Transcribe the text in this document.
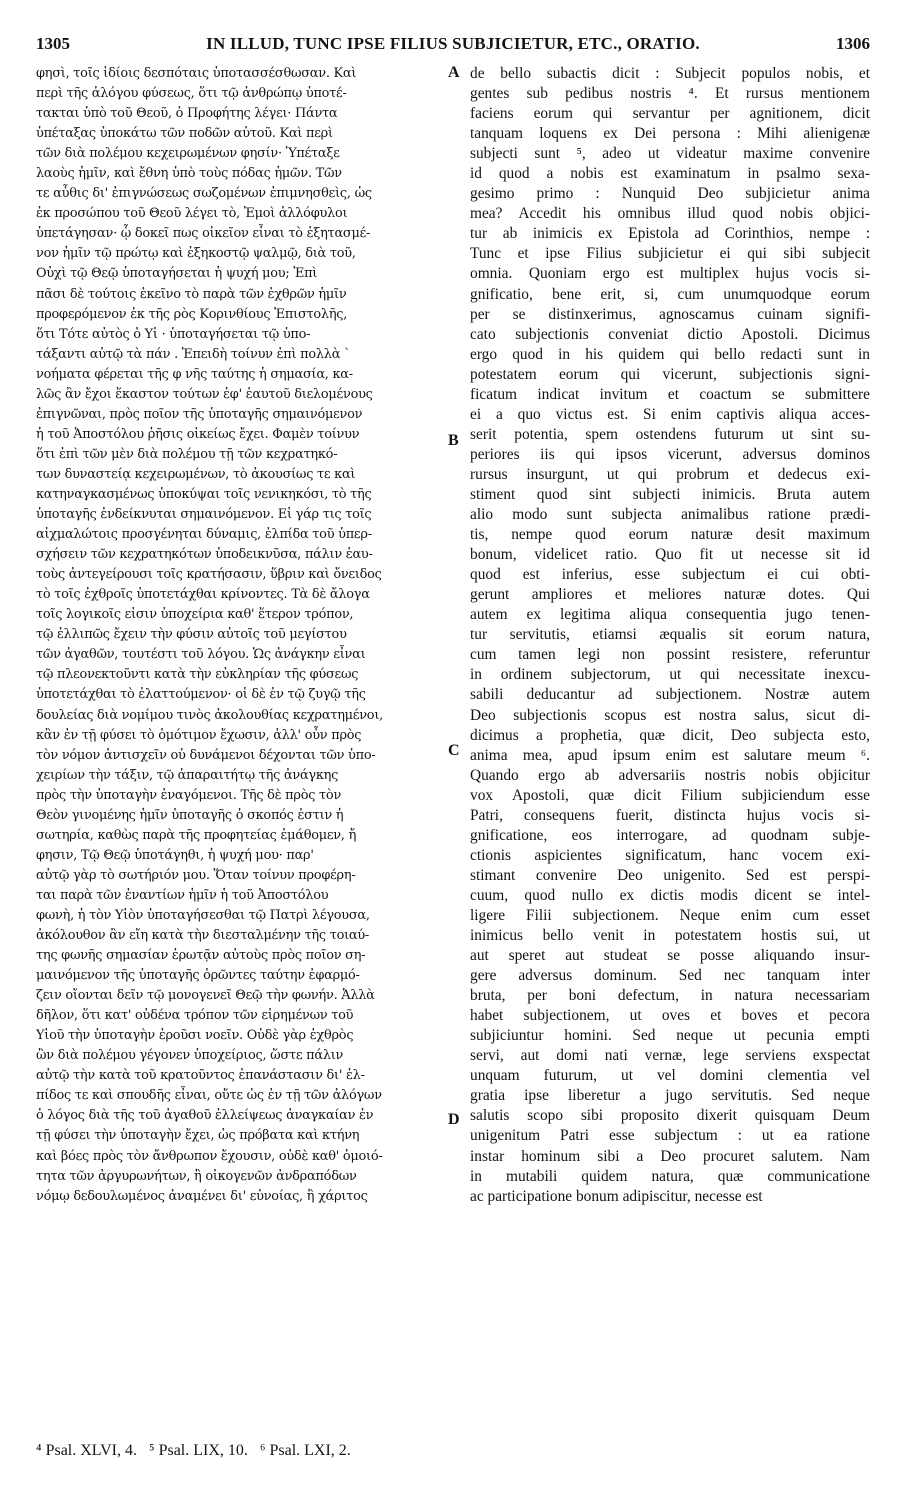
1305	IN ILLUD, TUNC IPSE FILIUS SUBJICIETUR, ETC., ORATIO.	1306
φησὶ, τοῖς ἰδίοις δεσπόταις ὑποτασσέσθωσαν. Καὶ
περὶ τῆς ἀλόγου φύσεως, ὅτι τῷ ἀνθρώπῳ ὑποτέ-
τακται ὑπὸ τοῦ Θεοῦ, ὁ Προφήτης λέγει· Πάντα
ὑπέταξας ὑποκάτω τῶν ποδῶν αὐτοῦ. Καὶ περὶ
τῶν διὰ πολέμου κεχειρωμένων φησίν· Ὑπέταξε
λαοὺς ἡμῖν, καὶ ἔθνη ὑπὸ τοὺς πόδας ἡμῶν. Τῶν
τε αὖθις δι' ἐπιγνώσεως σωζομένων ἐπιμνησθεὶς, ὡς
ἐκ προσώπου τοῦ Θεοῦ λέγει τὸ, Ἐμοὶ ἀλλόφυλοι
ὑπετάγησαν· ᾧ δοκεῖ πως οἰκεῖον εἶναι τὸ ἐξητασμέ-
νον ἡμῖν τῷ πρώτῳ καὶ ἑξηκοστῷ ψαλμῷ, διὰ τοῦ,
Οὐχὶ τῷ Θεῷ ὑποταγήσεται ἡ ψυχή μου; Ἐπὶ
πᾶσι δὲ τούτοις ἐκεῖνο τὸ παρὰ τῶν ἐχθρῶν ἡμῖν
προφερόμενον ἐκ τῆς ρὸς Κορινθίους Ἐπιστολῆς,
ὅτι Τότε αὐτὸς ὁ Υἱ · ὑποταγήσεται τῷ ὑπο-
τάξαντι αὐτῷ τὰ πάν . Ἐπειδὴ τοίνυν ἐπὶ πολλὰ ˋ
νοήματα φέρεται τῆς φ νῆς ταύτης ἡ σημασία, κα-
λῶς ἂν ἔχοι ἕκαστον τούτων ἐφ' ἑαυτοῦ διελομένους
ἐπιγνῶναι, πρὸς ποῖον τῆς ὑποταγῆς σημαινόμενον
ἡ τοῦ Ἀποστόλου ῥῆσις οἰκείως ἔχει. Φαμὲν τοίνυν
ὅτι ἐπὶ τῶν μὲν διὰ πολέμου τῇ τῶν κεχρατηκό-
των δυναστείᾳ κεχειρωμένων, τὸ ἀκουσίως τε καὶ
κατηναγκασμένως ὑποκύψαι τοῖς νενικηκόσι, τὸ τῆς
ὑποταγῆς ἐνδείκνυται σημαινόμενον. Εἰ γάρ τις τοῖς
αἰχμαλώτοις προσγένηται δύναμις, ἐλπίδα τοῦ ὑπερ-
σχήσειν τῶν κεχρατηκότων ὑποδεικνῦσα, πάλιν ἑαυ-
τοὺς ἀντεγείρουσι τοῖς κρατήσασιν, ὕβριν καὶ ὄνειδος
τὸ τοῖς ἐχθροῖς ὑποτετάχθαι κρίνοντες. Τὰ δὲ ἄλογα
τοῖς λογικοῖς εἰσιν ὑποχείρια καθ' ἕτερον τρόπον,
τῷ ἐλλιπῶς ἔχειν τὴν φύσιν αὐτοῖς τοῦ μεγίστου
τῶν ἀγαθῶν, τουτέστι τοῦ λόγου. Ὡς ἀνάγκην εἶναι
τῷ πλεονεκτοῦντι κατὰ τὴν εὐκληρίαν τῆς φύσεως
ὑποτετάχθαι τὸ ἐλαττούμενον· οἱ δὲ ἐν τῷ ζυγῷ τῆς
δουλείας διὰ νομίμου τινὸς ἀκολουθίας κεχρατημένοι,
κἂν ἐν τῇ φύσει τὸ ὁμότιμον ἔχωσιν, ἀλλ' οὖν πρὸς
τὸν νόμον ἀντισχεῖν οὐ δυνάμενοι δέχονται τῶν ὑπο-
χειρίων τὴν τάξιν, τῷ ἀπαραιτήτῳ τῆς ἀνάγκης
πρὸς τὴν ὑποταγὴν ἐναγόμενοι. Τῆς δὲ πρὸς τὸν
Θεὸν γινομένης ἡμῖν ὑποταγῆς ὁ σκοπός ἐστιν ἡ
σωτηρία, καθὼς παρὰ τῆς προφητείας ἐμάθομεν, ἤ
φησιν, Τῷ Θεῷ ὑποτάγηθι, ἡ ψυχή μου· παρ'
αὐτῷ γὰρ τὸ σωτήριόν μου. Ὅταν τοίνυν προφέρη-
ται παρὰ τῶν ἐναντίων ἡμῖν ἡ τοῦ Ἀποστόλου
φωνὴ, ἡ τὸν Υἱὸν ὑποταγήσεσθαι τῷ Πατρὶ λέγουσα,
ἀκόλουθον ἂν εἴη κατὰ τὴν διεσταλμένην τῆς τοιαύ-
της φωνῆς σημασίαν ἐρωτᾷν αὐτοὺς πρὸς ποῖον ση-
μαινόμενον τῆς ὑποταγῆς ὁρῶντες ταύτην ἐφαρμό-
ζειν οἴονται δεῖν τῷ μονογενεῖ Θεῷ τὴν φωνήν. Ἀλλὰ
δῆλον, ὅτι κατ' οὐδένα τρόπον τῶν εἰρημένων τοῦ
Υἱοῦ τὴν ὑποταγὴν ἐροῦσι νοεῖν. Οὐδὲ γὰρ ἐχθρὸς
ὢν διὰ πολέμου γέγονεν ὑποχείριος, ὥστε πάλιν
αὐτῷ τὴν κατὰ τοῦ κρατοῦντος ἐπανάστασιν δι' ἐλ-
πίδος τε καὶ σπουδῆς εἶναι, οὔτε ὡς ἐν τῇ τῶν ἀλόγων
ὁ λόγος διὰ τῆς τοῦ ἀγαθοῦ ἐλλείψεως ἀναγκαίαν ἐν
τῇ φύσει τὴν ὑποταγὴν ἔχει, ὡς πρόβατα καὶ κτήνη
καὶ βόες πρὸς τὸν ἄνθρωπον ἔχουσιν, οὐδὲ καθ' ὁμοιό-
τητα τῶν ἀργυρωνήτων, ἢ οἰκογενῶν ἀνδραπόδων
νόμῳ δεδουλωμένος ἀναμένει δι' εὐνοίας, ἢ χάριτος
de bello subactis dicit : Subjecit populos nobis, et
gentes sub pedibus nostris ⁴. Et rursus mentionem
faciens eorum qui servantur per agnitionem, dicit
tanquam loquens ex Dei persona : Mihi alienigenæ
subjecti sunt ⁵, adeo ut videatur maxime convenire
id quod a nobis est examinatum in psalmo sexa-
gesimo primo : Nunquid Deo subjicietur anima
mea? Accedit his omnibus illud quod nobis objici-
tur ab inimicis ex Epistola ad Corinthios, nempe :
Tunc et ipse Filius subjicietur ei qui sibi subjecit
omnia. Quoniam ergo est multiplex hujus vocis si-
gnificatio, bene erit, si, cum unumquodque eorum
per se distinxerimus, agnoscamus cuinam signifi-
cato subjectionis conveniat dictio Apostoli. Dicimus
ergo quod in his quidem qui bello redacti sunt in
potestatem eorum qui vicerunt, subjectionis signi-
ficatum indicat invitum et coactum se submittere
ei a quo victus est. Si enim captivis aliqua acces-
serit potentia, spem ostendens futurum ut sint su-
periores iis qui ipsos vicerunt, adversus dominos
rursus insurgunt, ut qui probrum et dedecus exi-
stiment quod sint subjecti inimicis. Bruta autem
alio modo sunt subjecta animalibus ratione prædi-
tis, nempe quod eorum naturæ desit maximum
bonum, videlicet ratio. Quo fit ut necesse sit id
quod est inferius, esse subjectum ei cui obti-
gerunt ampliores et meliores naturæ dotes. Qui
autem ex legitima aliqua consequentia jugo tenen-
tur servitutis, etiamsi æqualis sit eorum natura,
cum tamen legi non possint resistere, referuntur
in ordinem subjectorum, ut qui necessitate inexcu-
sabili deducantur ad subjectionem. Nostræ autem
Deo subjectionis scopus est nostra salus, sicut di-
dicimus a prophetia, quæ dicit, Deo subjecta esto,
anima mea, apud ipsum enim est salutare meum ⁶.
Quando ergo ab adversariis nostris nobis objicitur
vox Apostoli, quæ dicit Filium subjiciendum esse
Patri, consequens fuerit, distincta hujus vocis si-
gnificatione, eos interrogare, ad quodnam subje-
ctionis aspicientes significatum, hanc vocem exi-
stimant convenire Deo unigenito. Sed est perspi-
cuum, quod nullo ex dictis modis dicent se intel-
ligere Filii subjectionem. Neque enim cum esset
inimicus bello venit in potestatem hostis sui, ut
aut speret aut studeat se posse aliquando insur-
gere adversus dominum. Sed nec tanquam inter
bruta, per boni defectum, in natura necessariam
habet subjectionem, ut oves et boves et pecora
subjiciuntur homini. Sed neque ut pecunia empti
servi, aut domi nati vernæ, lege serviens exspectat
unquam futurum, ut vel domini clementia vel
gratia ipse liberetur a jugo servitutis. Sed neque
salutis scopo sibi proposito dixerit quisquam Deum
unigenitum Patri esse subjectum : ut ea ratione
instar hominum sibi a Deo procuret salutem. Nam
in mutabili quidem natura, quæ communicatione
ac participatione bonum adipiscitur, necesse est
A
B
C
D
⁴ Psal. XLVI, 4.   ⁵ Psal. LIX, 10.   ⁶ Psal. LXI, 2.
